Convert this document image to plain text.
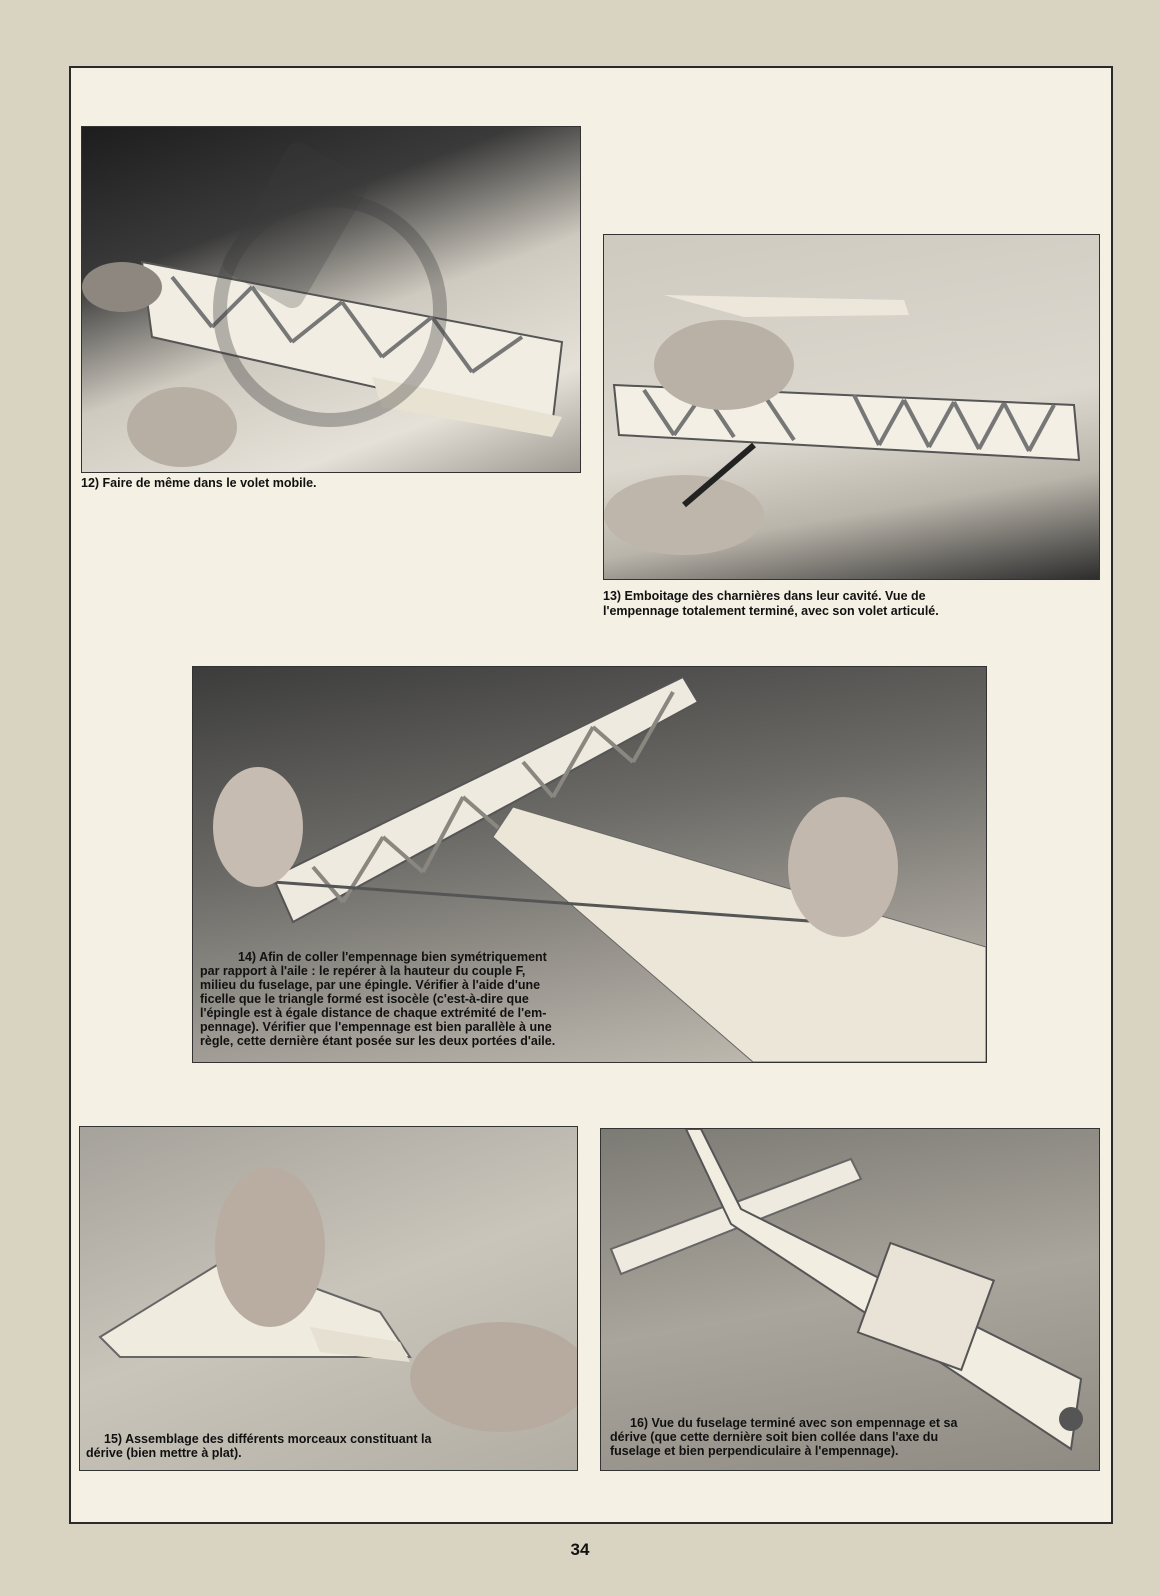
12) Faire de même dans le volet mobile.
13) Emboitage des charnières dans leur cavité. Vue de
l'empennage totalement terminé, avec son volet articulé.
14) Afin de coller l'empennage bien symétriquement
par rapport à l'aile : le repérer à la hauteur du couple F,
milieu du fuselage, par une épingle. Vérifier à l'aide d'une
ficelle que le triangle formé est isocèle (c'est-à-dire que
l'épingle est à égale distance de chaque extrémité de l'em-
pennage). Vérifier que l'empennage est bien parallèle à une
règle, cette dernière étant posée sur les deux portées d'aile.
15) Assemblage des différents morceaux constituant la
dérive (bien mettre à plat).
16) Vue du fuselage terminé avec son empennage et sa
dérive (que cette dernière soit bien collée dans l'axe du
fuselage et bien perpendiculaire à l'empennage).
34
